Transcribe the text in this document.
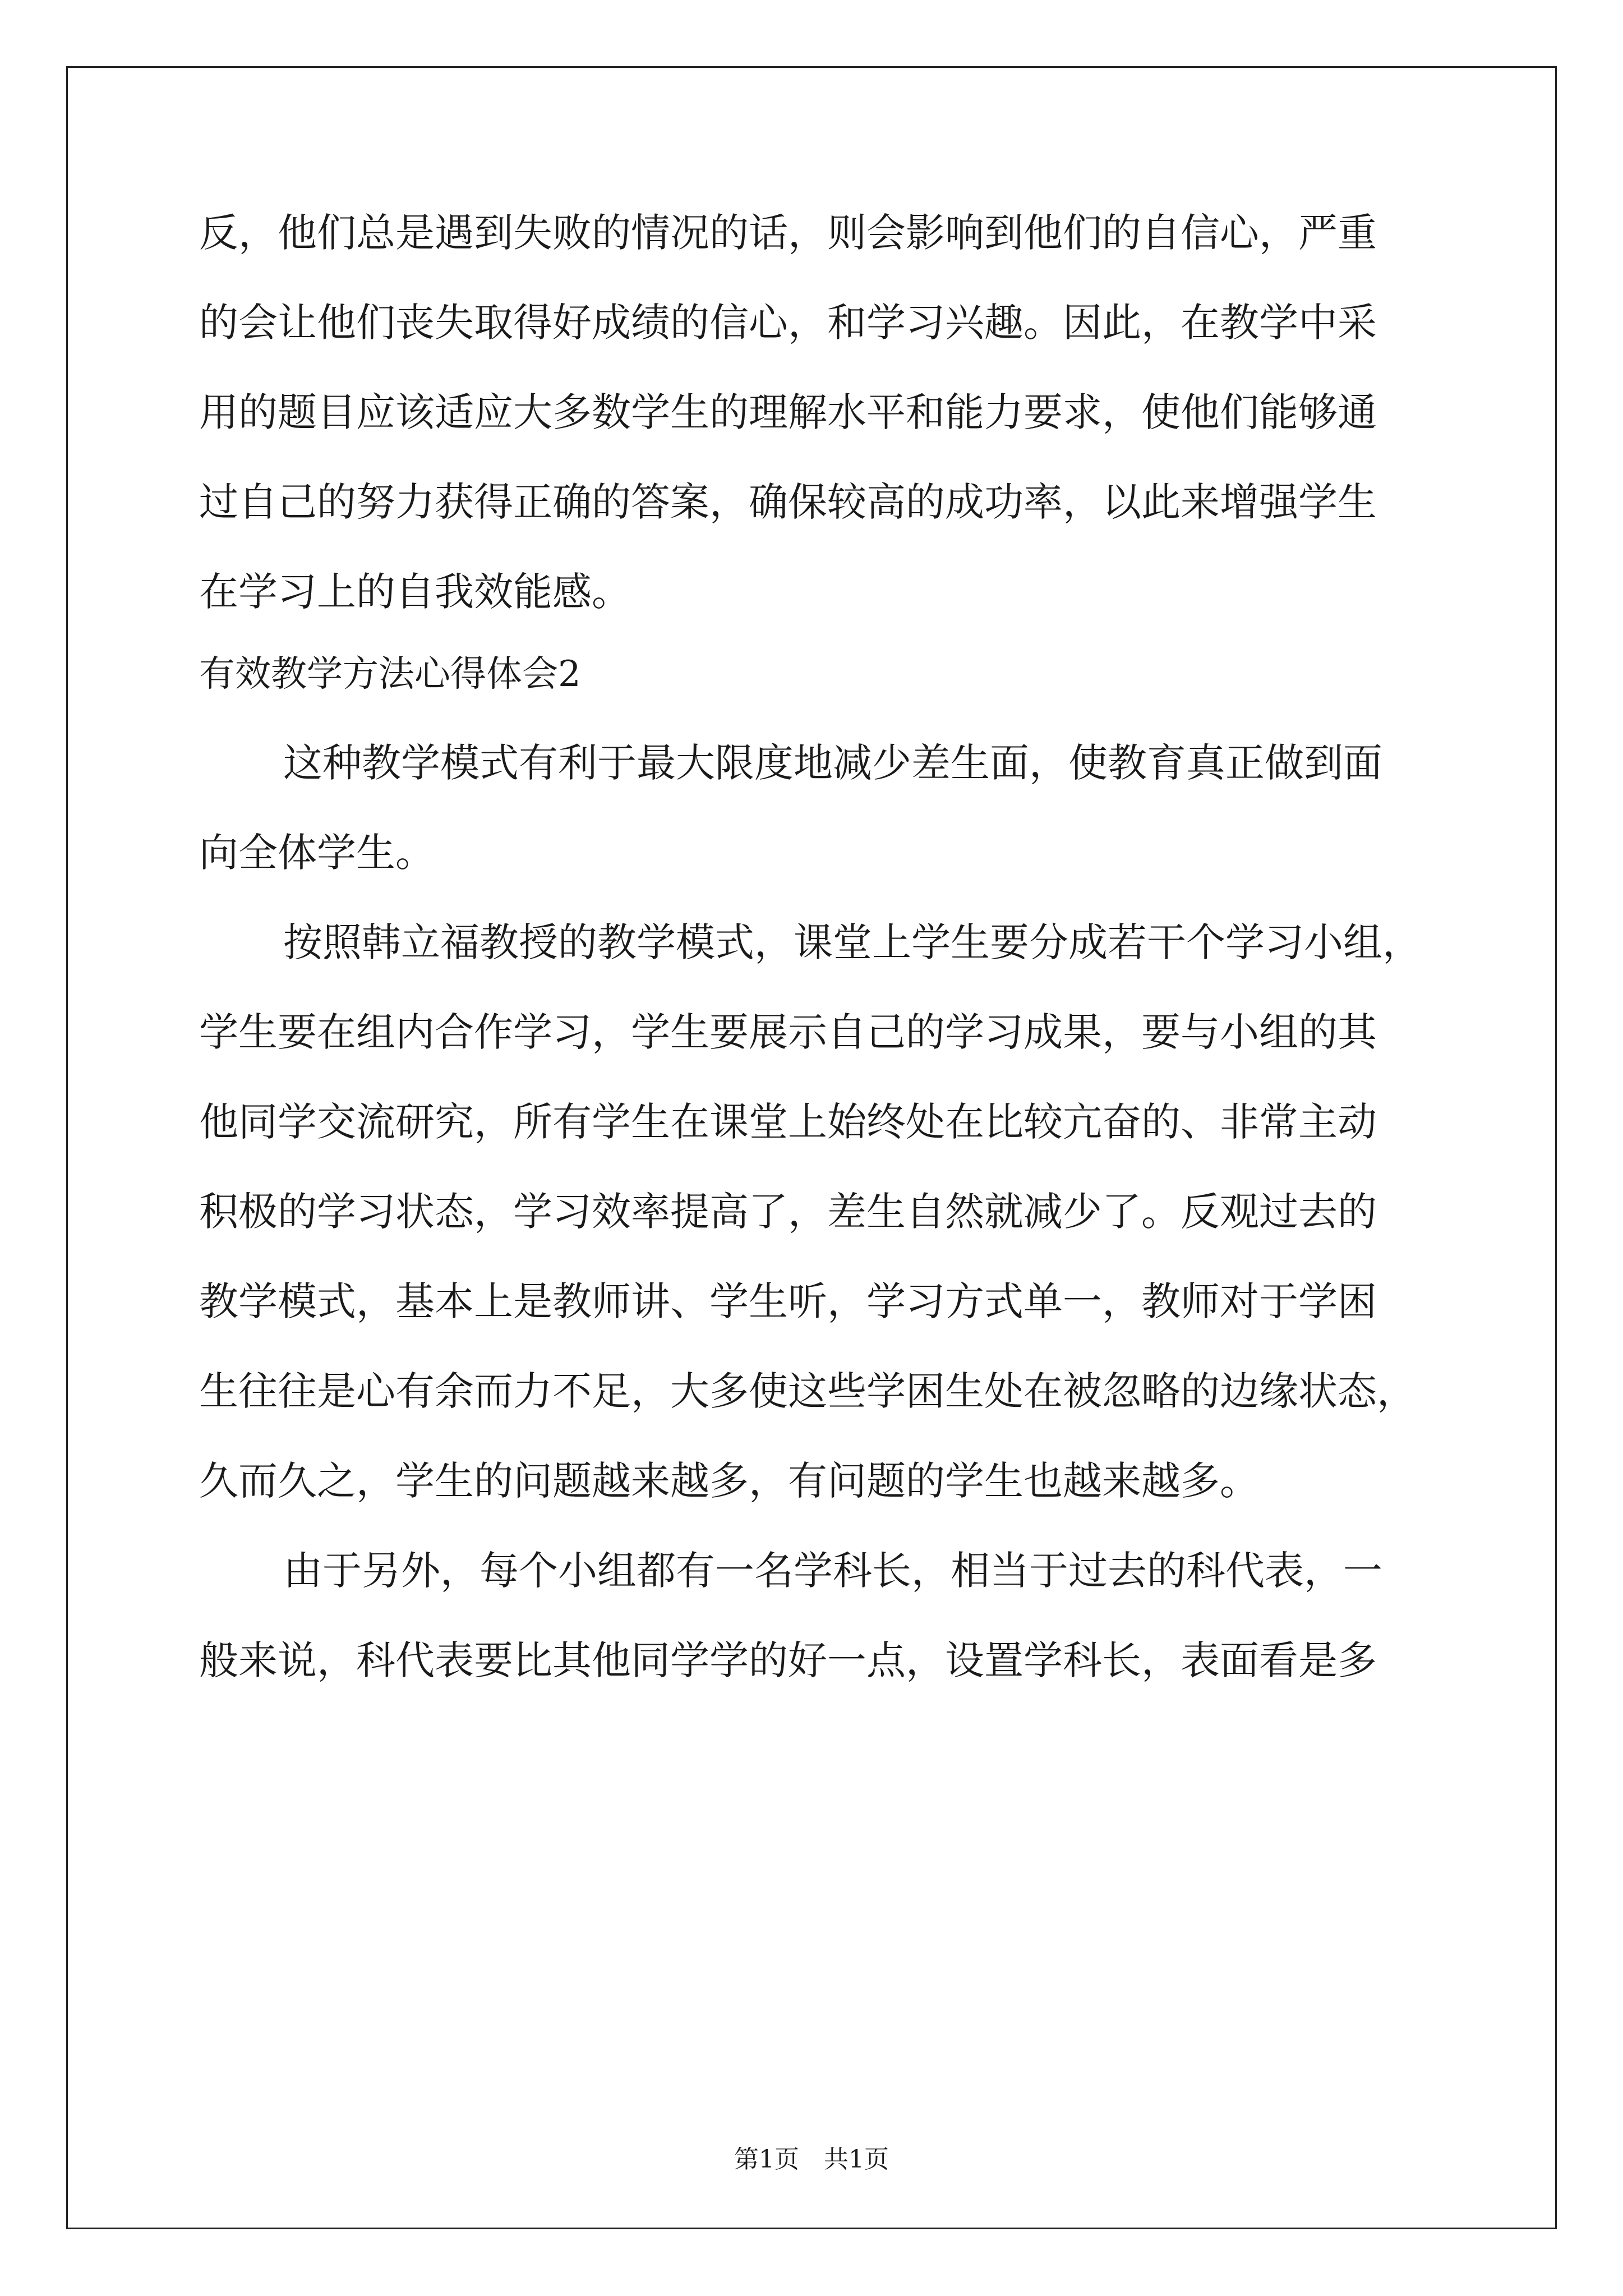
反，他们总是遇到失败的情况的话，则会影响到他们的自信心，严重
的会让他们丧失取得好成绩的信心，和学习兴趣。因此，在教学中采
用的题目应该适应大多数学生的理解水平和能力要求，使他们能够通
过自己的努力获得正确的答案，确保较高的成功率，以此来增强学生
在学习上的自我效能感。
有效教学方法心得体会2
这种教学模式有利于最大限度地减少差生面，使教育真正做到面
向全体学生。
按照韩立福教授的教学模式，课堂上学生要分成若干个学习小组，
学生要在组内合作学习，学生要展示自己的学习成果，要与小组的其
他同学交流研究，所有学生在课堂上始终处在比较亢奋的、非常主动
积极的学习状态，学习效率提高了，差生自然就减少了。反观过去的
教学模式，基本上是教师讲、学生听，学习方式单一，教师对于学困
生往往是心有余而力不足，大多使这些学困生处在被忽略的边缘状态，
久而久之，学生的问题越来越多，有问题的学生也越来越多。
由于另外，每个小组都有一名学科长，相当于过去的科代表，一
般来说，科代表要比其他同学学的好一点，设置学科长，表面看是多
第1页　共1页
